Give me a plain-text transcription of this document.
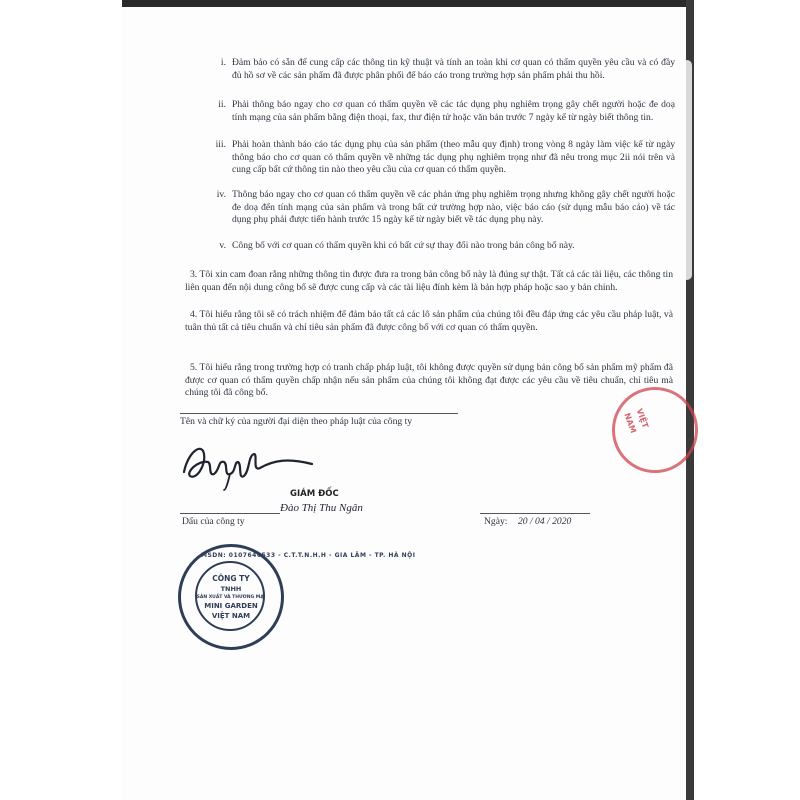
i. Đảm bảo có sẵn để cung cấp các thông tin kỹ thuật và tính an toàn khi cơ quan có thẩm quyền yêu cầu và có đầy đủ hồ sơ về các sản phẩm đã được phân phối để báo cáo trong trường hợp sản phẩm phải thu hồi.
ii. Phải thông báo ngay cho cơ quan có thẩm quyền về các tác dụng phụ nghiêm trọng gây chết người hoặc đe doạ tính mạng của sản phẩm bằng điện thoại, fax, thư điện tử hoặc văn bản trước 7 ngày kể từ ngày biết thông tin.
iii. Phải hoàn thành báo cáo tác dụng phụ của sản phẩm (theo mẫu quy định) trong vòng 8 ngày làm việc kể từ ngày thông báo cho cơ quan có thẩm quyền về những tác dụng phụ nghiêm trọng như đã nêu trong mục 2ii nói trên và cung cấp bất cứ thông tin nào theo yêu cầu của cơ quan có thẩm quyền.
iv. Thông báo ngay cho cơ quan có thẩm quyền về các phản ứng phụ nghiêm trọng nhưng không gây chết người hoặc đe doạ đến tính mạng của sản phẩm và trong bất cứ trường hợp nào, việc báo cáo (sử dụng mẫu báo cáo) về tác dụng phụ phải được tiến hành trước 15 ngày kể từ ngày biết về tác dụng phụ này.
v. Công bố với cơ quan có thẩm quyền khi có bất cứ sự thay đổi nào trong bản công bố này.
3. Tôi xin cam đoan rằng những thông tin được đưa ra trong bản công bố này là đúng sự thật. Tất cả các tài liệu, các thông tin liên quan đến nội dung công bố sẽ được cung cấp và các tài liệu đính kèm là bản hợp pháp hoặc sao y bản chính.
4. Tôi hiểu rằng tôi sẽ có trách nhiệm để đảm bảo tất cả các lô sản phẩm của chúng tôi đều đáp ứng các yêu cầu pháp luật, và tuân thủ tất cả tiêu chuẩn và chỉ tiêu sản phẩm đã được công bố với cơ quan có thẩm quyền.
5. Tôi hiểu rằng trong trường hợp có tranh chấp pháp luật, tôi không được quyền sử dụng bản công bố sản phẩm mỹ phẩm đã được cơ quan có thẩm quyền chấp nhận nếu sản phẩm của chúng tôi không đạt được các yêu cầu về tiêu chuẩn, chỉ tiêu mà chúng tôi đã công bố.
Tên và chữ ký của người đại diện theo pháp luật của công ty
GIÁM ĐỐC
Đào Thị Thu Ngân
Dấu của công ty	Ngày:	20 / 04 / 2020
VIỆT NAM
MSDN: 0107646533 - C.T.T.N.H.H - GIA LÂM - TP. HÀ NỘI
CÔNG TY
TNHH
SẢN XUẤT VÀ THƯƠNG MẠI
MINI GARDEN
VIỆT NAM
